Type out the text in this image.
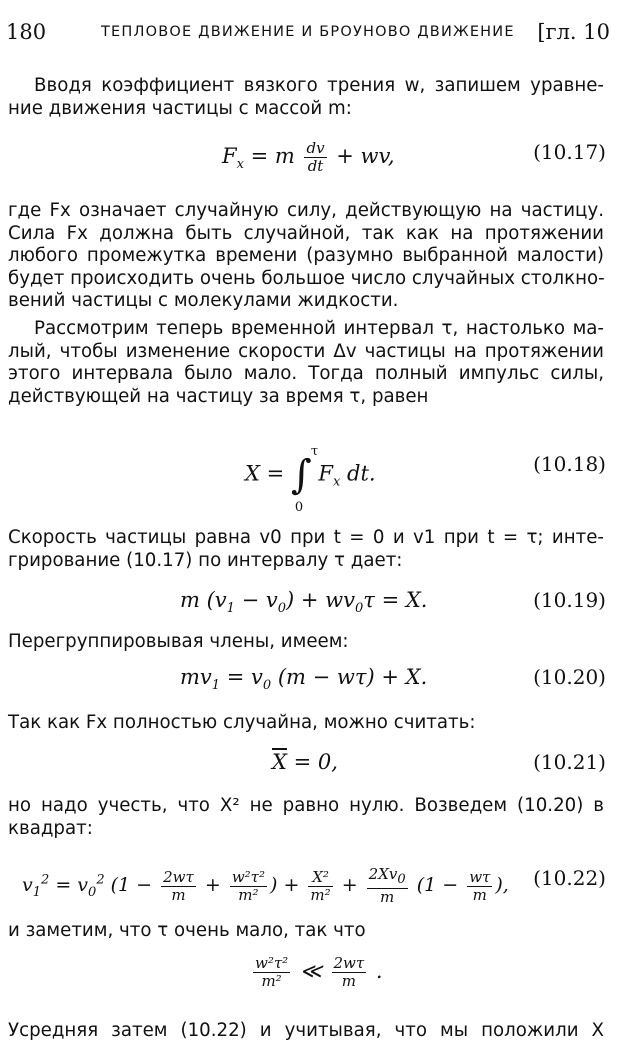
180	ТЕПЛОВОЕ ДВИЖЕНИЕ И БРОУНОВО ДВИЖЕНИЕ [гл. 10

Вводя коэффициент вязкого трения w, запишем уравне-
ние движения частицы с массой m:

$F_x = m \frac{dv}{dt}$ + wv,	(10.17)

где Fx означает случайную силу, действующую на частицу.
Сила Fx должна быть случайной, так как на протяжении
любого промежутка времени (разумно выбранной малости)
будет происходить очень большое число случайных столкно-
вений частицы с молекулами жидкости.

Рассмотрим теперь временной интервал τ, настолько ма-
лый, чтобы изменение скорости Δv частицы на протяжении
этого интервала было мало. Тогда полный импульс силы,
действующей на частицу за время τ, равен

X = ∫
τ
0
$F_x$ dt.	(10.18)

Скорость частицы равна v0 при t = 0 и v1 при t = τ; инте-
грирование (10.17) по интервалу τ дает:

m $(v_1 - v_0) + wv_0\tau = X$.	(10.19)

Перегруппировывая члены, имеем:

$mv_1 = v_0$ (m − wτ) + X.	(10.20)

Так как Fx полностью случайна, можно считать:

$\overline{X} = 0$,	(10.21)

но надо учесть, что X² не равно нулю. Возведем (10.20) в
квадрат:

$v_1^2 = v_0^2$ ($1 - \frac{2w\tau}{m} + \frac{\text{w²τ²}}{\text{m²}}$ ) + $\frac{\text{X²}}{\text{m²}} + \frac{2Xv_0}{m} (1 - \frac{w\tau}{m}$ ), (10.22)

и заметим, что τ очень мало, так что

$\frac{\text{w²τ²}}{\text{m²}}$ ≪ $\frac{2w\tau}{m}$ .

Усредняя затем (10.22) и учитывая, что мы положили X
